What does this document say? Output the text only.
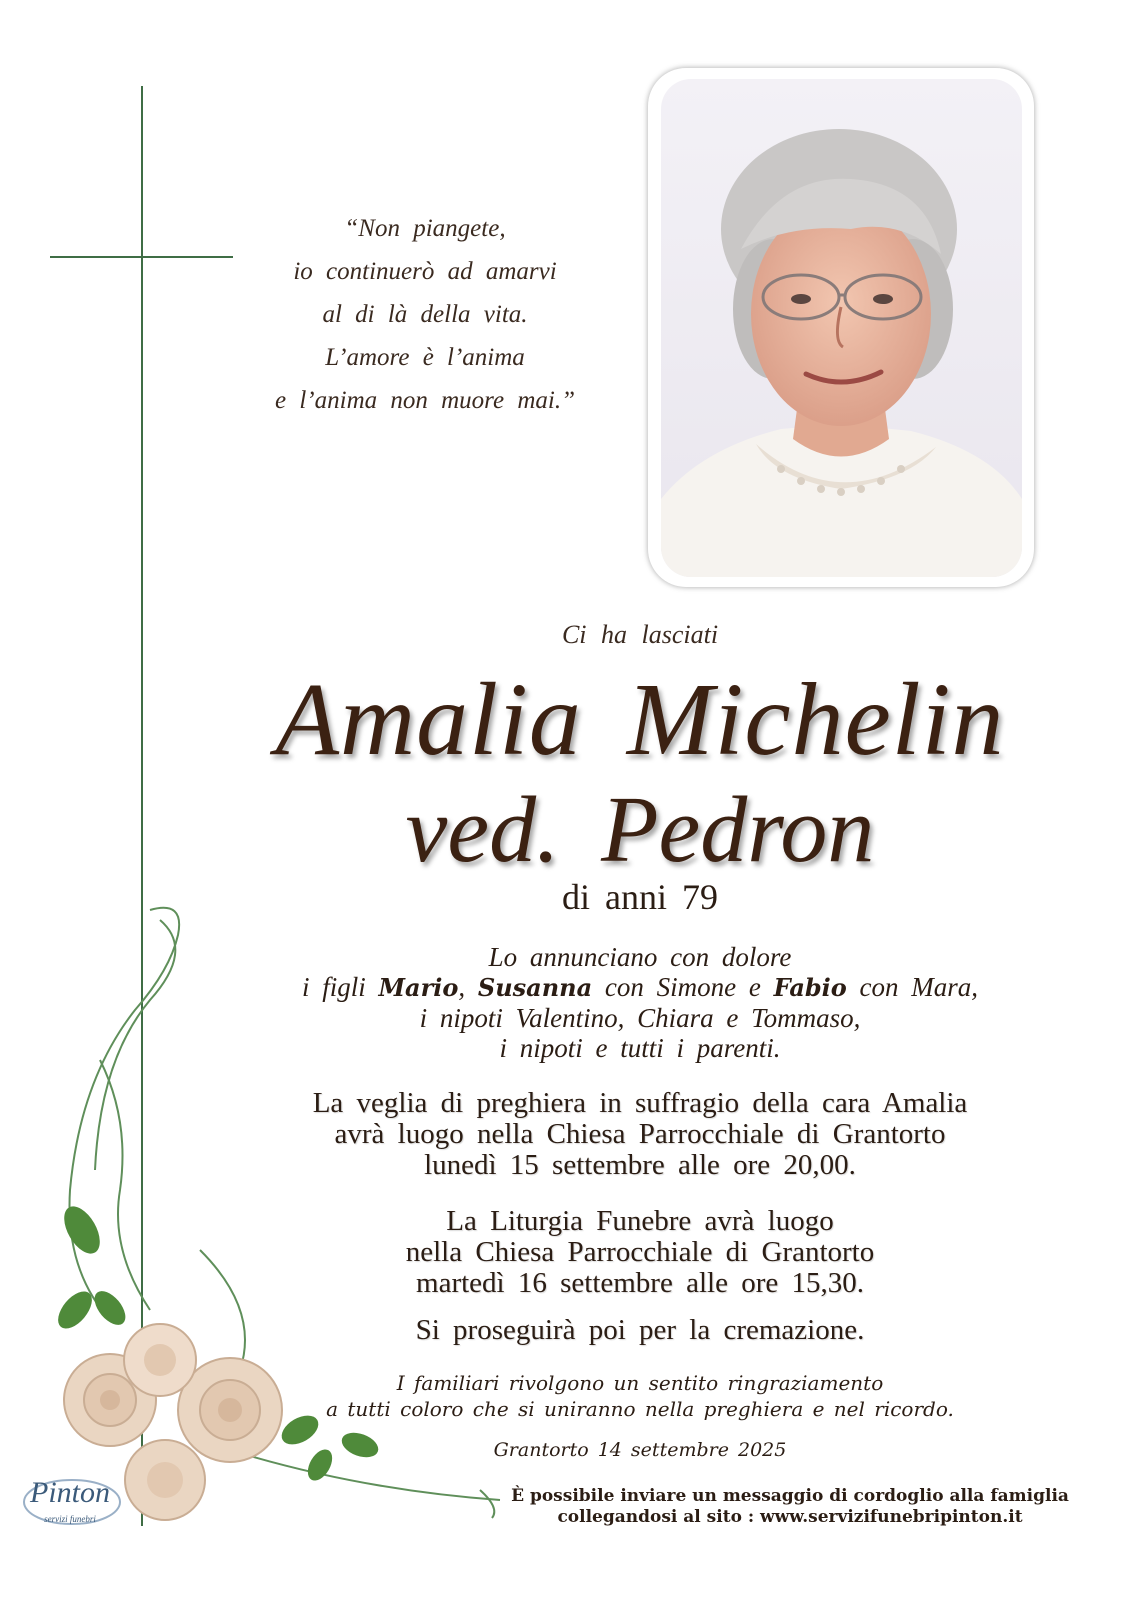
“Non piangete,
io continuerò ad amarvi
al di là della vita.
L’amore è l’anima
e l’anima non muore mai.”
Ci ha lasciati
Amalia Michelin
ved. Pedron
di anni 79
Lo annunciano con dolore
i figli Mario, Susanna con Simone e Fabio con Mara,
i nipoti Valentino, Chiara e Tommaso,
i nipoti e tutti i parenti.
La veglia di preghiera in suffragio della cara Amalia
avrà luogo nella Chiesa Parrocchiale di Grantorto
lunedì 15 settembre alle ore 20,00.
La Liturgia Funebre avrà luogo
nella Chiesa Parrocchiale di Grantorto
martedì 16 settembre alle ore 15,30.
Si proseguirà poi per la cremazione.
I familiari rivolgono un sentito ringraziamento
a tutti coloro che si uniranno nella preghiera e nel ricordo.
Grantorto 14 settembre 2025
Pinton
servizi funebri
È possibile inviare un messaggio di cordoglio alla famiglia
collegandosi al sito : www.servizifunebripinton.it
